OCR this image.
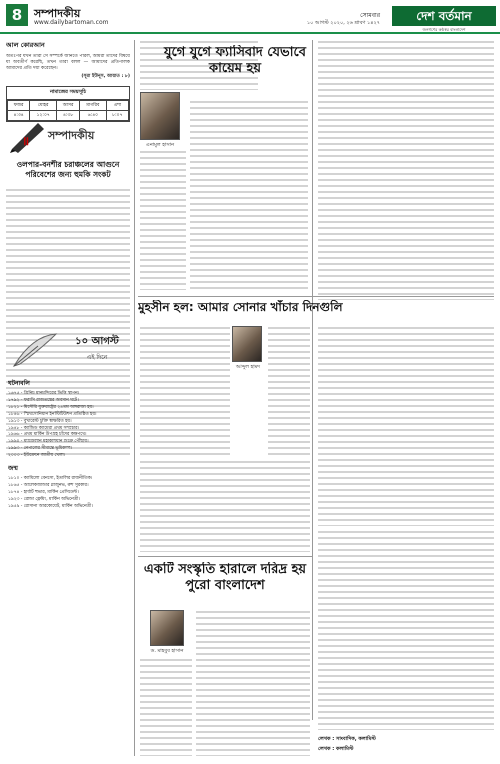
8	সম্পাদকীয়
www.dailybartoman.com
সোমবার
১০ আগস্ট ২০২০, ২৬ শ্রাবণ ১৪২৭	দেশ বর্তমান
জনগণের কণ্ঠস্বর বাংলাদেশ
আল কোরআন
অতঃপর যখন তারা সে সম্পর্কে জানতে পারল, আমরা তাদের বিষয়ে যা অবতীর্ণ করেছি, তখন তারা বলল — আমাদের প্রতিপালক আমাদের প্রতি দয়া করেছেন।
(সূরা ইউনূস, আয়াত : ৮)
নামাজের সময়সূচি
ফজর	যোহর	আসর	মাগরিব	এশা
৪:৩৪	১২:০৭	৪:৩৮	৬:৪০	৮:০৭
॥ সম্পাদকীয়
ওলপার-বনশীর চরাঞ্চলের আগুনে পরিবেশের জন্য হুমকি সংকট
যুগে যুগে ফ্যাসিবাদ যেভাবে কায়েম হয়
এনামুল হাসান
মুহসীন হল: আমার সোনার খাঁচার দিনগুলি
আব্দুল হামদ
১০ আগস্ট
এই দিনে
ঘটনাবলি
১৬৭৫ - গ্রিনিচ মানমন্দিরের ভিত্তি স্থাপন।
১৭৯২ - ফরাসি রাজতন্ত্রের অবসান ঘটে।
১৮২১ - মিসৌরি যুক্তরাষ্ট্রের ২৪তম অঙ্গরাজ্য হয়।
১৮৪৬ - স্মিথসোনিয়ান ইনস্টিটিউশন প্রতিষ্ঠিত হয়।
১৯১৩ - বুখারেস্ট চুক্তি স্বাক্ষরিত হয়।
১৯৪৮ - ক্যান্ডিড ক্যামেরা প্রথম সম্প্রচার।
১৯৬৬ - প্রথম মার্কিন উপগ্রহ চাঁদের কক্ষপথে।
১৯৯০ - ম্যাজেলান মহাকাশযান শুক্রে পৌঁছায়।
১৯৯৩ - নেপালের সীমান্তে ভূমিকম্প।
২০০৩ - ইউক্রেনে জাতীয় খেলা।
জন্ম
১৮১০ - ক্যামিলো বেনসো, ইতালির রাজনীতিক।
১৮৬৫ - আলেকজান্ডার গ্লাজুনভ, রুশ সুরকার।
১৮৭৪ - হার্বার্ট হুভার, মার্কিন প্রেসিডেন্ট।
১৯২৩ - রোন্ডা ফ্লেমিং, মার্কিন অভিনেত্রী।
১৯৫৯ - রোসানা আরকোয়েট, মার্কিন অভিনেত্রী।
একটি সংস্কৃতি হারালে দরিদ্র হয় পুরো বাংলাদেশ
ড. মাহবুব হাসান
লেখক : সাংবাদিক, কলামিস্ট
লেখক : কলামিস্ট
